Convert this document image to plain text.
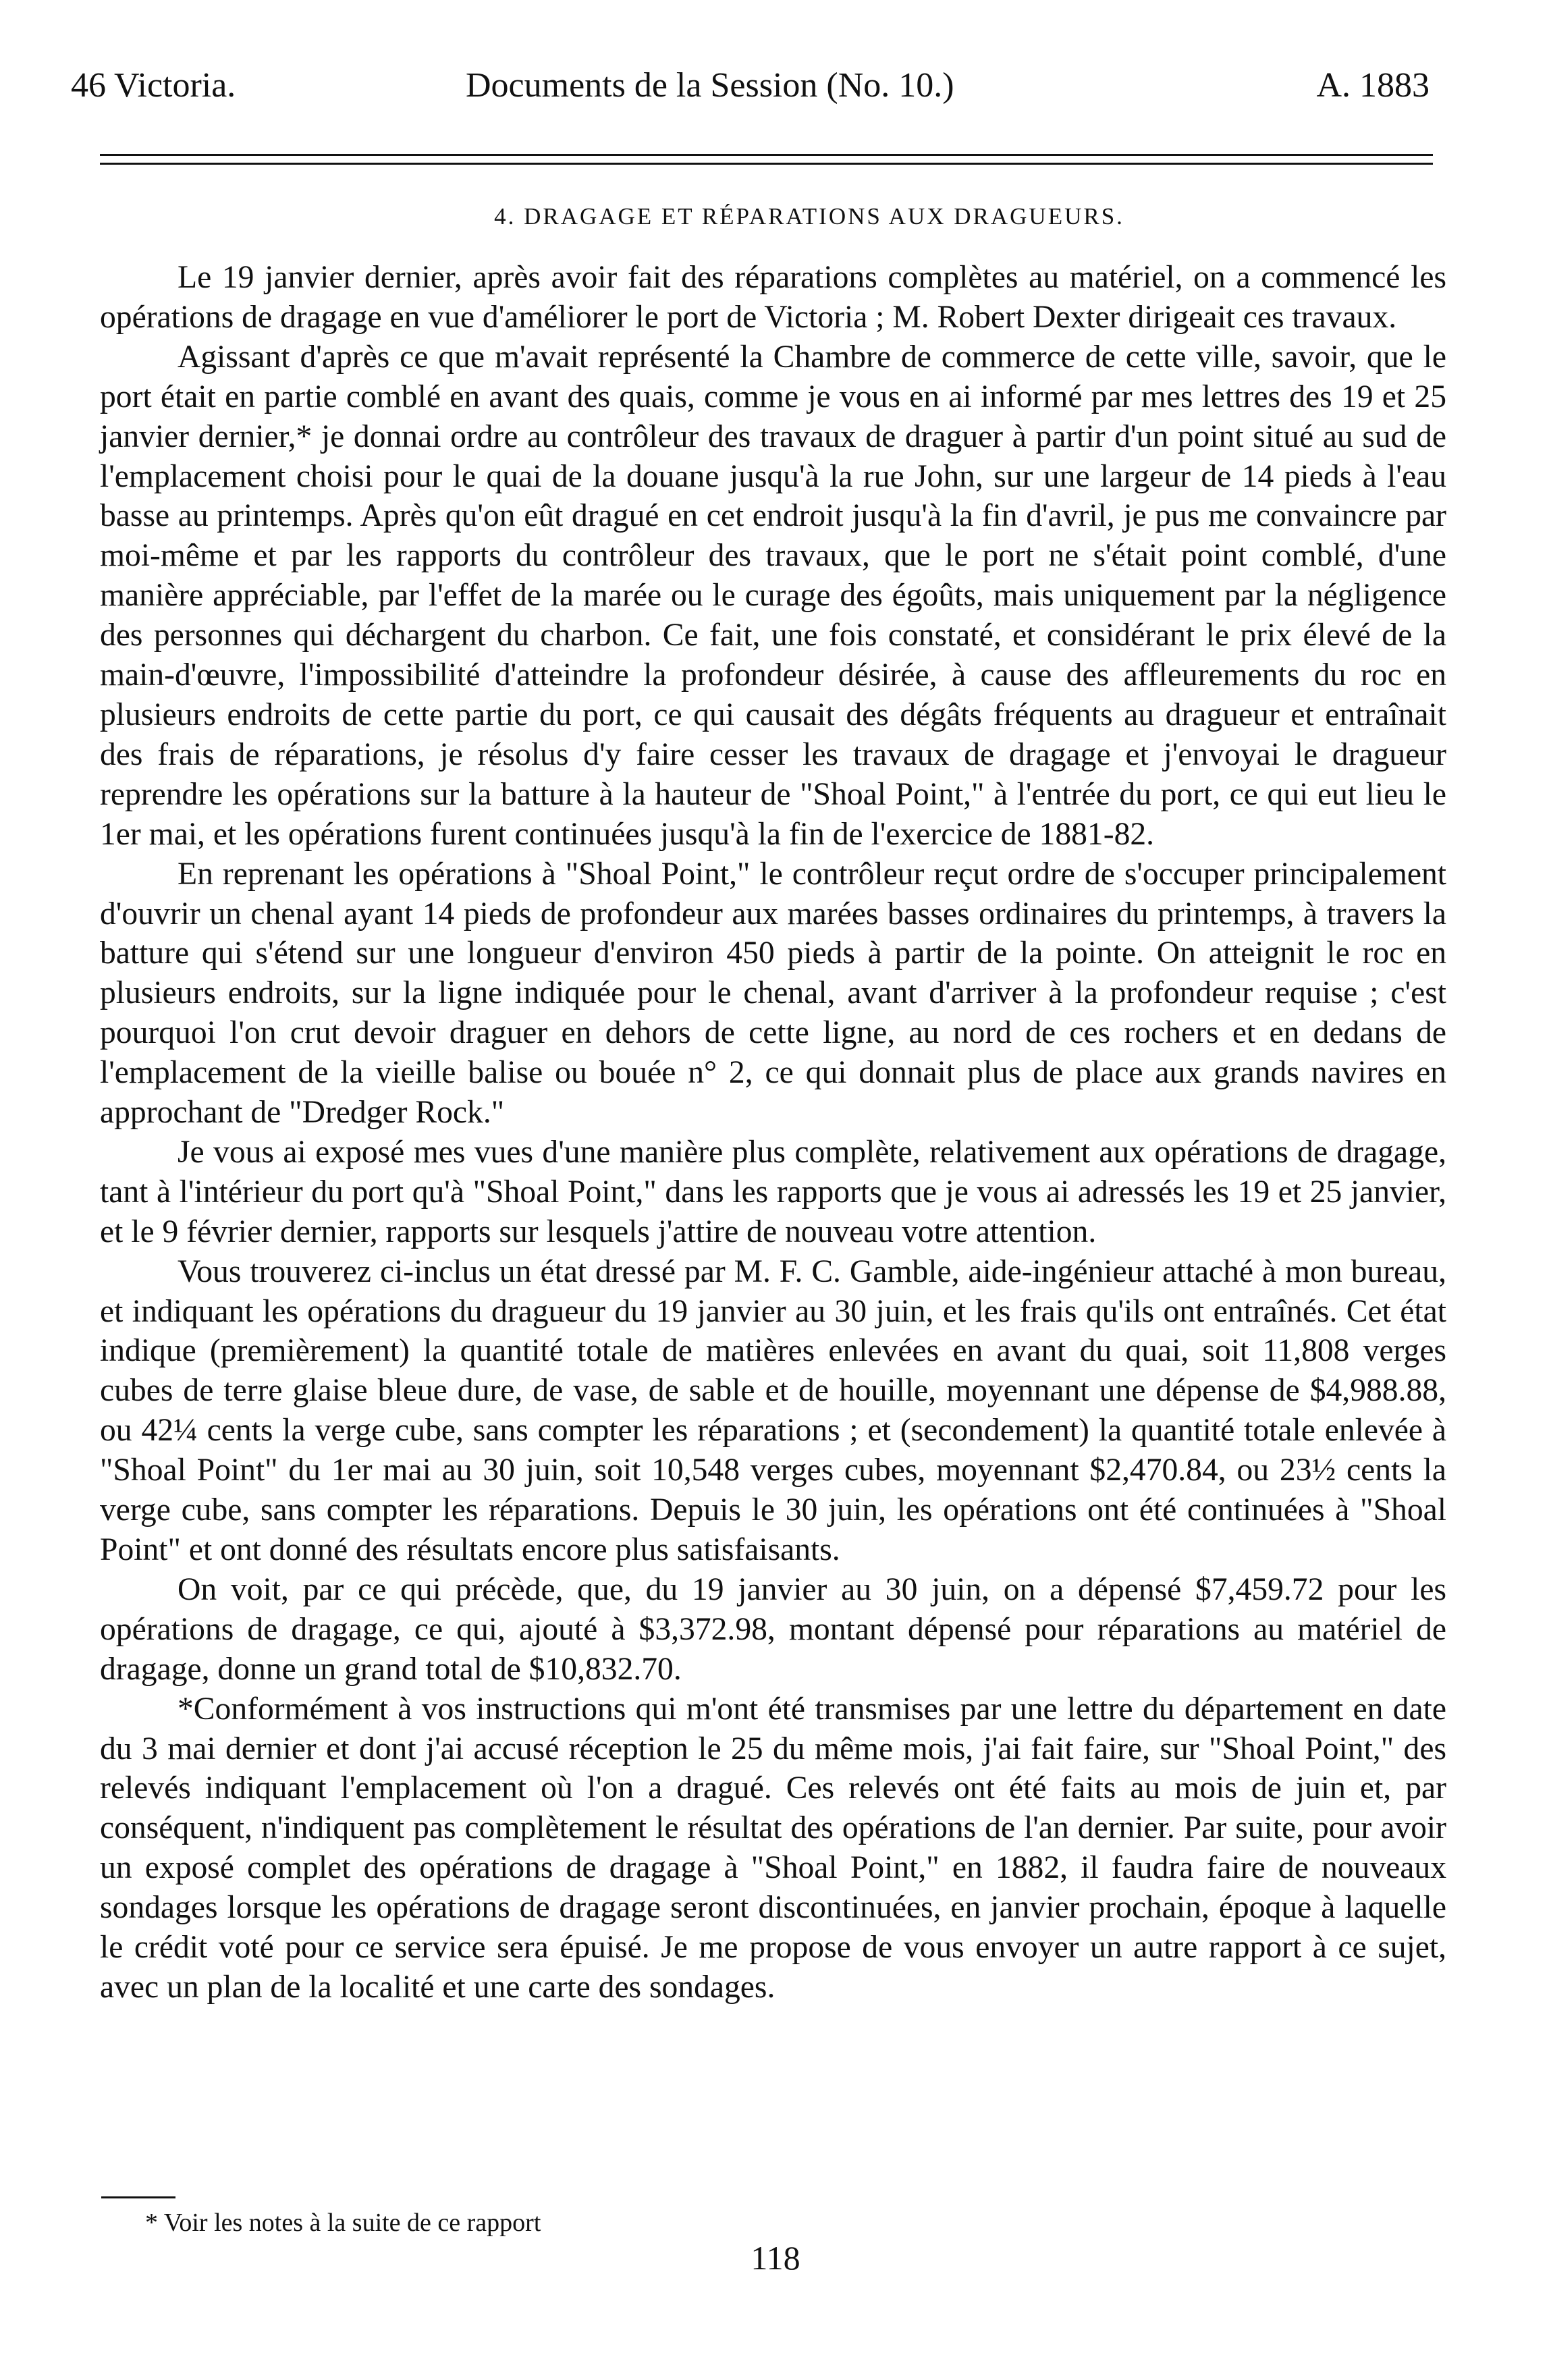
46 Victoria.	Documents de la Session (No. 10.)	A. 1883
4. DRAGAGE ET RÉPARATIONS AUX DRAGUEURS.

Le 19 janvier dernier, après avoir fait des réparations complètes au matériel, on a commencé les opérations de dragage en vue d'améliorer le port de Victoria ; M. Robert Dexter dirigeait ces travaux.

Agissant d'après ce que m'avait représenté la Chambre de commerce de cette ville, savoir, que le port était en partie comblé en avant des quais, comme je vous en ai informé par mes lettres des 19 et 25 janvier dernier,* je donnai ordre au contrôleur des travaux de draguer à partir d'un point situé au sud de l'emplacement choisi pour le quai de la douane jusqu'à la rue John, sur une largeur de 14 pieds à l'eau basse au printemps. Après qu'on eût dragué en cet endroit jusqu'à la fin d'avril, je pus me convaincre par moi-même et par les rapports du contrôleur des travaux, que le port ne s'était point comblé, d'une manière appréciable, par l'effet de la marée ou le curage des égoûts, mais uniquement par la négligence des personnes qui déchargent du charbon. Ce fait, une fois constaté, et considérant le prix élevé de la main-d'œuvre, l'impossibilité d'atteindre la profondeur désirée, à cause des affleurements du roc en plusieurs endroits de cette partie du port, ce qui causait des dégâts fréquents au dragueur et entraînait des frais de réparations, je résolus d'y faire cesser les travaux de dragage et j'envoyai le dragueur reprendre les opérations sur la batture à la hauteur de "Shoal Point," à l'entrée du port, ce qui eut lieu le 1er mai, et les opérations furent continuées jusqu'à la fin de l'exercice de 1881-82.

En reprenant les opérations à "Shoal Point," le contrôleur reçut ordre de s'occuper principalement d'ouvrir un chenal ayant 14 pieds de profondeur aux marées basses ordinaires du printemps, à travers la batture qui s'étend sur une longueur d'environ 450 pieds à partir de la pointe. On atteignit le roc en plusieurs endroits, sur la ligne indiquée pour le chenal, avant d'arriver à la profondeur requise ; c'est pourquoi l'on crut devoir draguer en dehors de cette ligne, au nord de ces rochers et en dedans de l'emplacement de la vieille balise ou bouée n° 2, ce qui donnait plus de place aux grands navires en approchant de "Dredger Rock."

Je vous ai exposé mes vues d'une manière plus complète, relativement aux opérations de dragage, tant à l'intérieur du port qu'à "Shoal Point," dans les rapports que je vous ai adressés les 19 et 25 janvier, et le 9 février dernier, rapports sur lesquels j'attire de nouveau votre attention.

Vous trouverez ci-inclus un état dressé par M. F. C. Gamble, aide-ingénieur attaché à mon bureau, et indiquant les opérations du dragueur du 19 janvier au 30 juin, et les frais qu'ils ont entraînés. Cet état indique (premièrement) la quantité totale de matières enlevées en avant du quai, soit 11,808 verges cubes de terre glaise bleue dure, de vase, de sable et de houille, moyennant une dépense de $4,988.88, ou 42¼ cents la verge cube, sans compter les réparations ; et (secondement) la quantité totale enlevée à "Shoal Point" du 1er mai au 30 juin, soit 10,548 verges cubes, moyennant $2,470.84, ou 23½ cents la verge cube, sans compter les réparations. Depuis le 30 juin, les opérations ont été continuées à "Shoal Point" et ont donné des résultats encore plus satisfaisants.

On voit, par ce qui précède, que, du 19 janvier au 30 juin, on a dépensé $7,459.72 pour les opérations de dragage, ce qui, ajouté à $3,372.98, montant dépensé pour réparations au matériel de dragage, donne un grand total de $10,832.70.

*Conformément à vos instructions qui m'ont été transmises par une lettre du département en date du 3 mai dernier et dont j'ai accusé réception le 25 du même mois, j'ai fait faire, sur "Shoal Point," des relevés indiquant l'emplacement où l'on a dragué. Ces relevés ont été faits au mois de juin et, par conséquent, n'indiquent pas complètement le résultat des opérations de l'an dernier. Par suite, pour avoir un exposé complet des opérations de dragage à "Shoal Point," en 1882, il faudra faire de nouveaux sondages lorsque les opérations de dragage seront discontinuées, en janvier prochain, époque à laquelle le crédit voté pour ce service sera épuisé. Je me propose de vous envoyer un autre rapport à ce sujet, avec un plan de la localité et une carte des sondages.

* Voir les notes à la suite de ce rapport
118
